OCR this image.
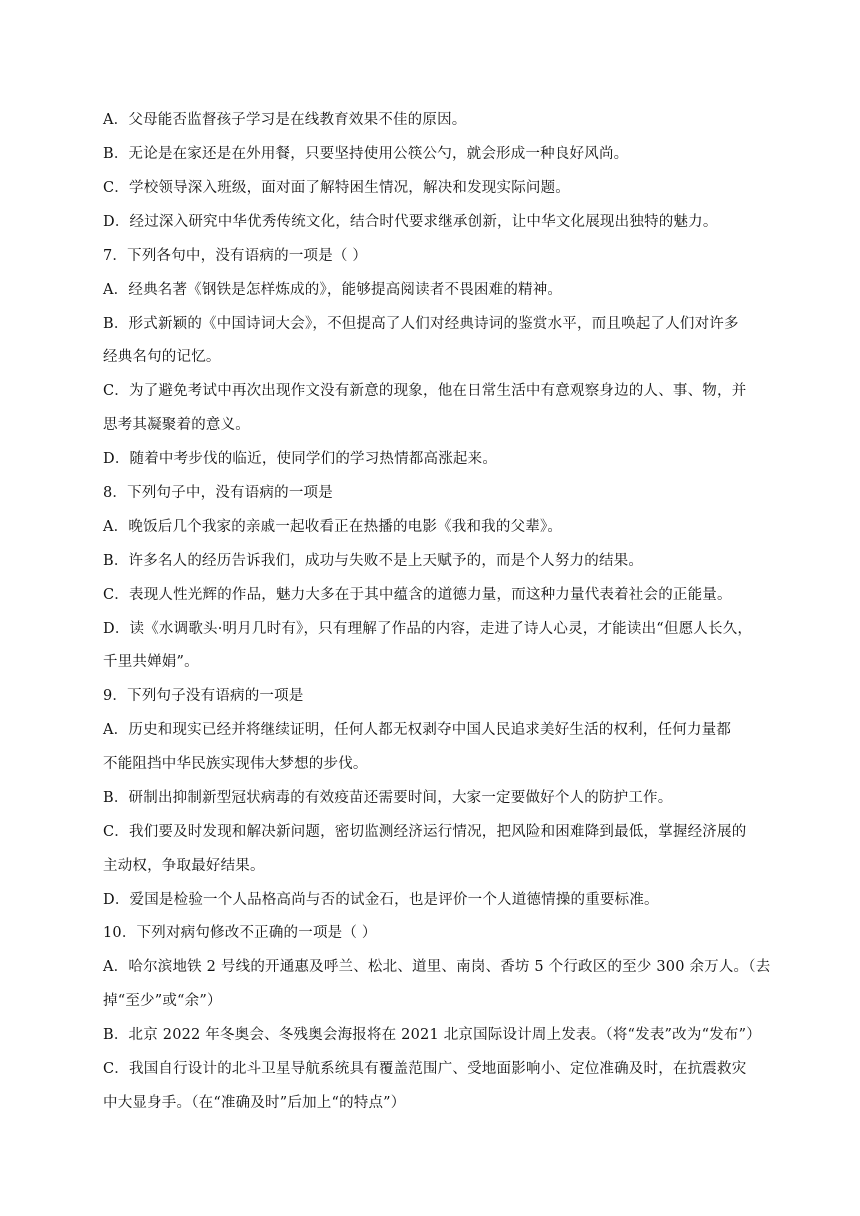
A．父母能否监督孩子学习是在线教育效果不佳的原因。
B．无论是在家还是在外用餐，只要坚持使用公筷公勺，就会形成一种良好风尚。
C．学校领导深入班级，面对面了解特困生情况，解决和发现实际问题。
D．经过深入研究中华优秀传统文化，结合时代要求继承创新，让中华文化展现出独特的魅力。
7．下列各句中，没有语病的一项是（ ）
A．经典名著《钢铁是怎样炼成的》，能够提高阅读者不畏困难的精神。
B．形式新颖的《中国诗词大会》，不但提高了人们对经典诗词的鉴赏水平，而且唤起了人们对许多
经典名句的记忆。
C．为了避免考试中再次出现作文没有新意的现象，他在日常生活中有意观察身边的人、事、物，并
思考其凝聚着的意义。
D．随着中考步伐的临近，使同学们的学习热情都高涨起来。
8．下列句子中，没有语病的一项是
A．晚饭后几个我家的亲戚一起收看正在热播的电影《我和我的父辈》。
B．许多名人的经历告诉我们，成功与失败不是上天赋予的，而是个人努力的结果。
C．表现人性光辉的作品，魅力大多在于其中蕴含的道德力量，而这种力量代表着社会的正能量。
D．读《水调歌头·明月几时有》，只有理解了作品的内容，走进了诗人心灵，才能读出“但愿人长久，
千里共婵娟”。
9．下列句子没有语病的一项是
A．历史和现实已经并将继续证明，任何人都无权剥夺中国人民追求美好生活的权利，任何力量都
不能阻挡中华民族实现伟大梦想的步伐。
B．研制出抑制新型冠状病毒的有效疫苗还需要时间，大家一定要做好个人的防护工作。
C．我们要及时发现和解决新问题，密切监测经济运行情况，把风险和困难降到最低，掌握经济展的
主动权，争取最好结果。
D．爱国是检验一个人品格高尚与否的试金石，也是评价一个人道德情操的重要标准。
10．下列对病句修改不正确的一项是（ ）
A．哈尔滨地铁 2 号线的开通惠及呼兰、松北、道里、南岗、香坊 5 个行政区的至少 300 余万人。（去
掉“至少”或“余”）
B．北京 2022 年冬奥会、冬残奥会海报将在 2021 北京国际设计周上发表。（将“发表”改为“发布”）
C．我国自行设计的北斗卫星导航系统具有覆盖范围广、受地面影响小、定位准确及时，在抗震救灾
中大显身手。（在“准确及时”后加上“的特点”）
